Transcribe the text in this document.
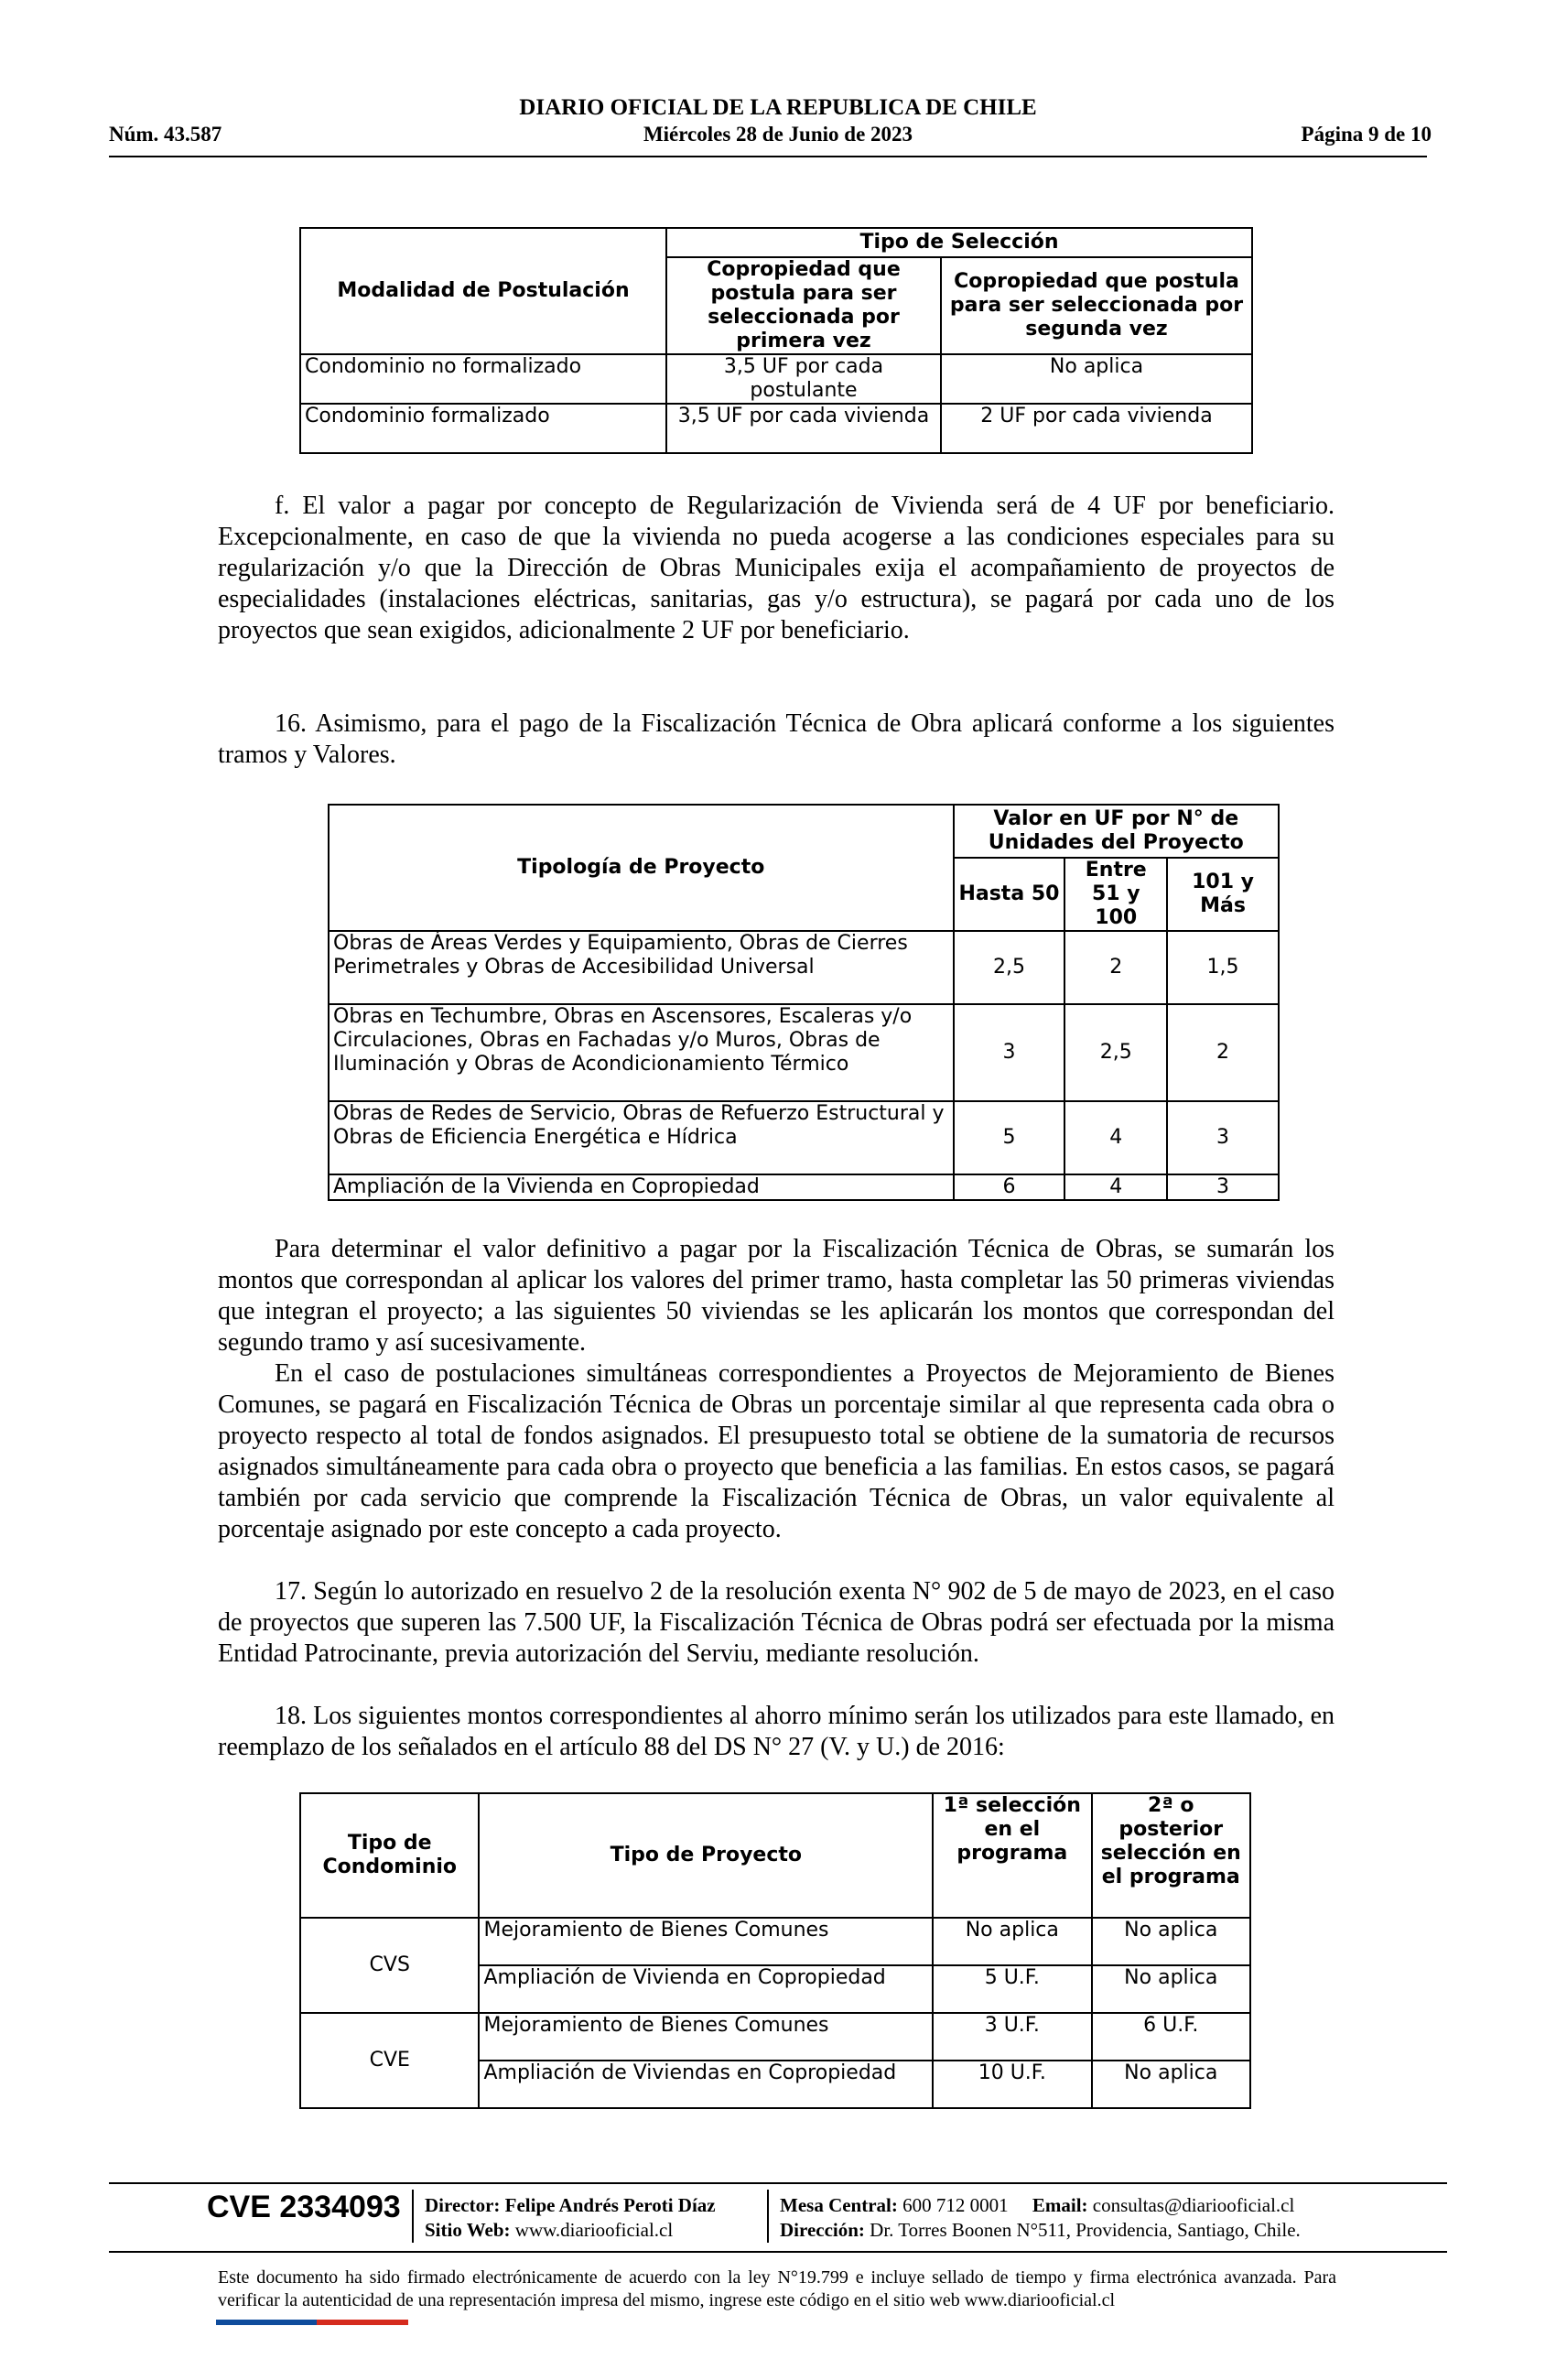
DIARIO OFICIAL DE LA REPUBLICA DE CHILE
Núm. 43.587	Miércoles 28 de Junio de 2023	Página 9 de 10
Modalidad de Postulación	Tipo de Selección	
	Copropiedad que postula para ser seleccionada por primera vez	Copropiedad que postula para ser seleccionada por segunda vez
Condominio no formalizado	3,5 UF por cada postulante	No aplica
Condominio formalizado	3,5 UF por cada vivienda	2 UF por cada vivienda
f. El valor a pagar por concepto de Regularización de Vivienda será de 4 UF por beneficiario. Excepcionalmente, en caso de que la vivienda no pueda acogerse a las condiciones especiales para su regularización y/o que la Dirección de Obras Municipales exija el acompañamiento de proyectos de especialidades (instalaciones eléctricas, sanitarias, gas y/o estructura), se pagará por cada uno de los proyectos que sean exigidos, adicionalmente 2 UF por beneficiario.
16. Asimismo, para el pago de la Fiscalización Técnica de Obra aplicará conforme a los siguientes tramos y Valores.
Tipología de Proyecto	Valor en UF por N° de Unidades del Proyecto		
	Hasta 50	Entre 51 y 100	101 y Más
Obras de Áreas Verdes y Equipamiento, Obras de Cierres Perimetrales y Obras de Accesibilidad Universal	2,5	2	1,5
Obras en Techumbre, Obras en Ascensores, Escaleras y/o Circulaciones, Obras en Fachadas y/o Muros, Obras de Iluminación y Obras de Acondicionamiento Térmico	3	2,5	2
Obras de Redes de Servicio, Obras de Refuerzo Estructural y Obras de Eficiencia Energética e Hídrica	5	4	3
Ampliación de la Vivienda en Copropiedad	6	4	3
Para determinar el valor definitivo a pagar por la Fiscalización Técnica de Obras, se sumarán los montos que correspondan al aplicar los valores del primer tramo, hasta completar las 50 primeras viviendas que integran el proyecto; a las siguientes 50 viviendas se les aplicarán los montos que correspondan del segundo tramo y así sucesivamente.
En el caso de postulaciones simultáneas correspondientes a Proyectos de Mejoramiento de Bienes Comunes, se pagará en Fiscalización Técnica de Obras un porcentaje similar al que representa cada obra o proyecto respecto al total de fondos asignados. El presupuesto total se obtiene de la sumatoria de recursos asignados simultáneamente para cada obra o proyecto que beneficia a las familias. En estos casos, se pagará también por cada servicio que comprende la Fiscalización Técnica de Obras, un valor equivalente al porcentaje asignado por este concepto a cada proyecto.
17. Según lo autorizado en resuelvo 2 de la resolución exenta N° 902 de 5 de mayo de 2023, en el caso de proyectos que superen las 7.500 UF, la Fiscalización Técnica de Obras podrá ser efectuada por la misma Entidad Patrocinante, previa autorización del Serviu, mediante resolución.
18. Los siguientes montos correspondientes al ahorro mínimo serán los utilizados para este llamado, en reemplazo de los señalados en el artículo 88 del DS N° 27 (V. y U.) de 2016:
Tipo de Condominio	Tipo de Proyecto	1ª selección en el programa	2ª o posterior selección en el programa
CVS	Mejoramiento de Bienes Comunes	No aplica	No aplica
	Ampliación de Vivienda en Copropiedad	5 U.F.	No aplica
CVE	Mejoramiento de Bienes Comunes	3 U.F.	6 U.F.
	Ampliación de Viviendas en Copropiedad	10 U.F.	No aplica
CVE 2334093 Director: Felipe Andrés Peroti Díaz
Sitio Web: www.diariooficial.cl
Mesa Central: 600 712 0001 Email: consultas@diariooficial.cl
Dirección: Dr. Torres Boonen N°511, Providencia, Santiago, Chile.
Este documento ha sido firmado electrónicamente de acuerdo con la ley N°19.799 e incluye sellado de tiempo y firma electrónica avanzada. Para verificar la autenticidad de una representación impresa del mismo, ingrese este código en el sitio web www.diariooficial.cl
